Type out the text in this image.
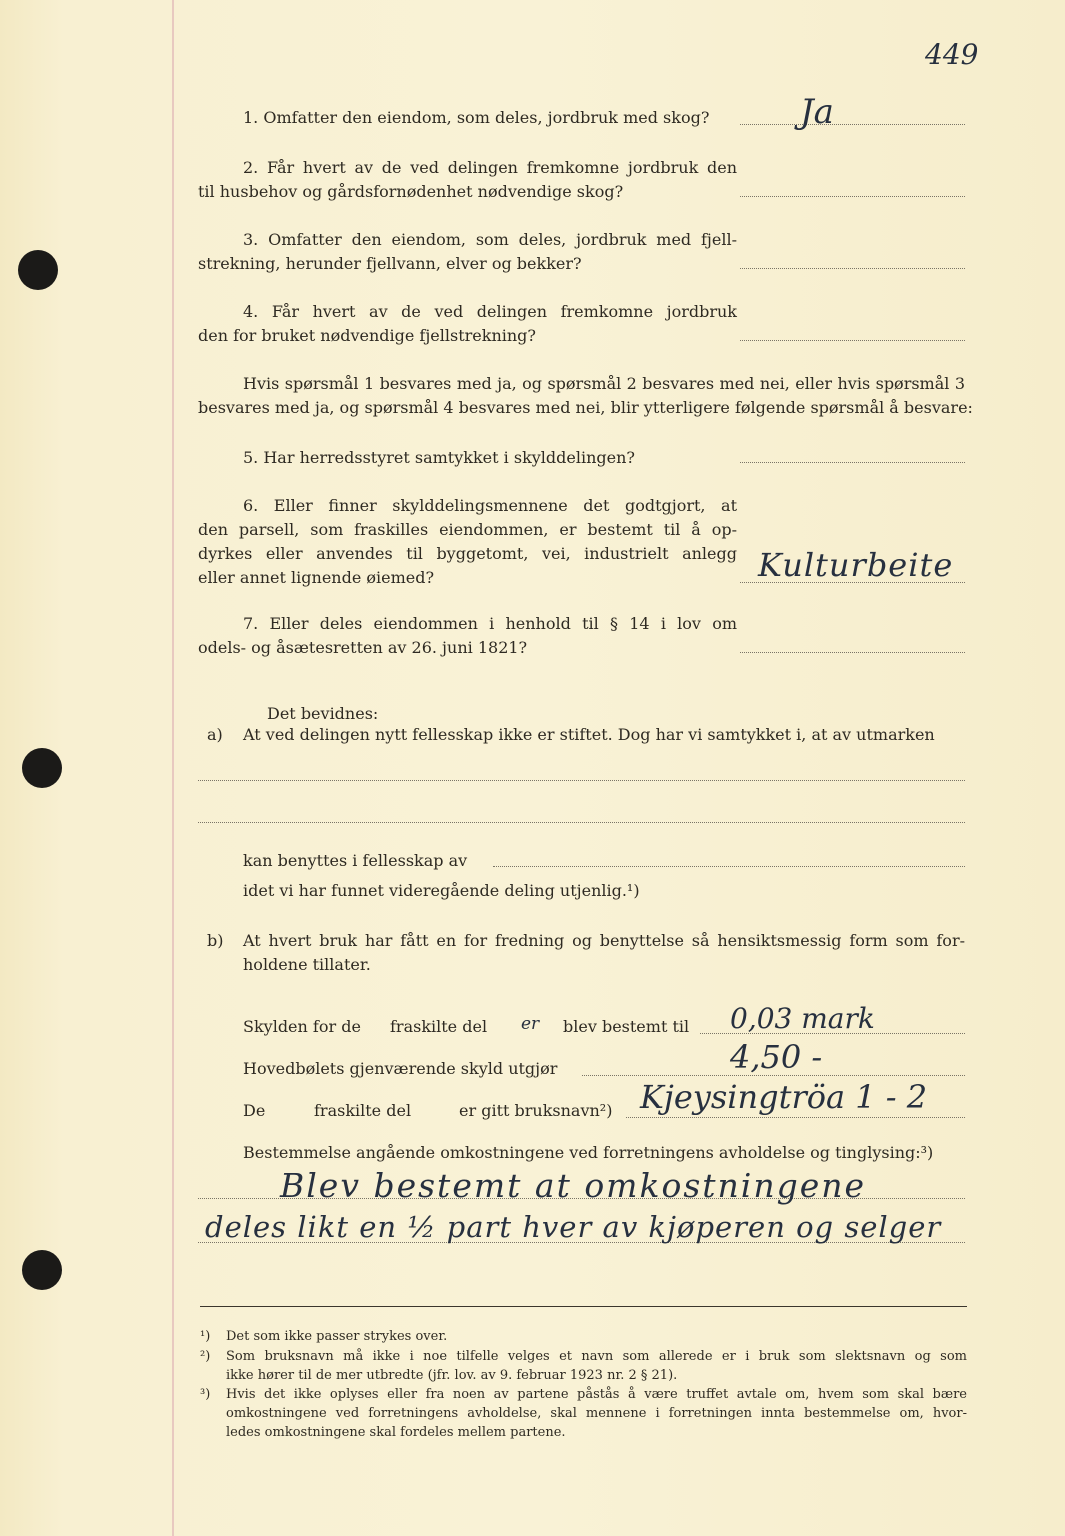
449
1. Omfatter den eiendom, som deles, jordbruk med skog?	Ja
2. Får hvert av de ved delingen fremkomne jordbruk den
til husbehov og gårdsfornødenhet nødvendige skog?
3. Omfatter den eiendom, som deles, jordbruk med fjell-
strekning, herunder fjellvann, elver og bekker?
4. Får hvert av de ved delingen fremkomne jordbruk
den for bruket nødvendige fjellstrekning?
Hvis spørsmål 1 besvares med ja, og spørsmål 2 besvares med nei, eller hvis spørsmål 3
besvares med ja, og spørsmål 4 besvares med nei, blir ytterligere følgende spørsmål å besvare:
5. Har herredsstyret samtykket i skylddelingen?
6. Eller finner skylddelingsmennene det godtgjort, at
den parsell, som fraskilles eiendommen, er bestemt til å op-
dyrkes eller anvendes til byggetomt, vei, industrielt anlegg
eller annet lignende øiemed?	Kulturbeite
7. Eller deles eiendommen i henhold til § 14 i lov om
odels- og åsætesretten av 26. juni 1821?
Det bevidnes:
a) At ved delingen nytt fellesskap ikke er stiftet. Dog har vi samtykket i, at av utmarken
kan benyttes i fellesskap av
idet vi har funnet videregående deling utjenlig.¹)
b) At hvert bruk har fått en for fredning og benyttelse så hensiktsmessig form som for-
holdene tillater.
Skylden for de fraskilte del er blev bestemt til 0,03 mark
Hovedbølets gjenværende skyld utgjør	4,50 -
De	fraskilte del	er gitt bruksnavn²) Kjeysingtröa 1 - 2
Bestemmelse angående omkostningene ved forretningens avholdelse og tinglysing:³)
Blev bestemt at omkostningene
deles likt en ½ part hver av kjøperen og selger
¹) Det som ikke passer strykes over.
²) Som bruksnavn må ikke i noe tilfelle velges et navn som allerede er i bruk som slektsnavn og som
ikke hører til de mer utbredte (jfr. lov. av 9. februar 1923 nr. 2 § 21).
³) Hvis det ikke oplyses eller fra noen av partene påstås å være truffet avtale om, hvem som skal bære
omkostningene ved forretningens avholdelse, skal mennene i forretningen innta bestemmelse om, hvor-
ledes omkostningene skal fordeles mellem partene.
